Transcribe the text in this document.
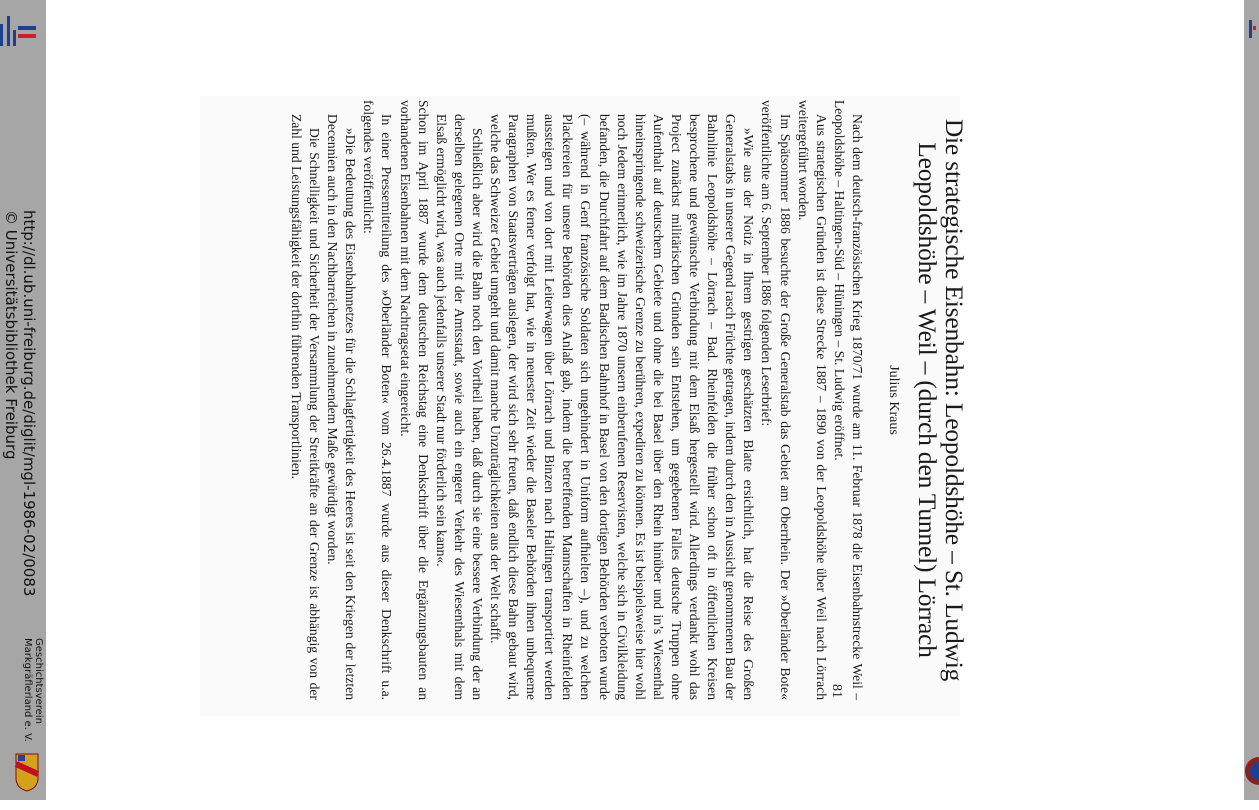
http://dl.ub.uni-freiburg.de/diglit/mgl-1986-02/0083
© Universitätsbibliothek Freiburg
Geschichtsverein
Markgräflerland e. V.
Die strategische Eisenbahn: Leopoldshöhe – St. Ludwig Leopoldshöhe – Weil – (durch den Tunnel) Lörrach
Julius Kraus

Nach dem deutsch-französischen Krieg 1870/71 wurde am 11. Februar 1878 die Eisenbahnstrecke Weil – Leopoldshöhe – Haltingen-Süd – Hüningen – St. Ludwig eröffnet.

Aus strategischen Gründen ist diese Strecke 1887 – 1890 von der Leopoldshöhe über Weil nach Lörrach weitergeführt worden.

Im Spätsommer 1886 besuchte der Große Generalstab das Gebiet am Oberrhein. Der »Oberländer Bote« veröffentlichte am 6. September 1886 folgenden Leserbrief:

»Wie aus der Notiz in Ihrem gestrigen geschätzten Blatte ersichtlich, hat die Reise des Großen Generalstabs in unserer Gegend rasch Früchte getragen, indem durch den in Aussicht genommenen Bau der Bahnlinie Leopoldshöhe – Lörrach – Bad. Rheinfelden die früher schon oft in öffentlichen Kreisen besprochene und gewünschte Verbindung mit dem Elsaß hergestellt wird. Allerdings verdankt wohl das Project zunächst militärischen Gründen sein Entstehen, um gegebenen Falles deutsche Truppen ohne Aufenthalt auf deutschem Gebiete und ohne die bei Basel über den Rhein hinüber und in’s Wiesenthal hineinspringende schweizerische Grenze zu berühren, expediren zu können. Es ist beispielsweise hier wohl noch Jedem erinnerlich, wie im Jahre 1870 unsern einberufenen Reservisten, welche sich in Civilkleidung befanden, die Durchfahrt auf dem Badischen Bahnhof in Basel von den dortigen Behörden verboten wurde (– während in Genf französische Soldaten sich ungehindert in Uniform aufhielten –), und zu welchen Plackereien für unsere Behörden dies Anlaß gab, indem die betreffenden Mannschaften in Rheinfelden aussteigen und von dort mit Leiterwagen über Lörrach und Binzen nach Haltingen transportiert werden mußten. Wer es ferner verfolgt hat, wie in neuester Zeit wieder die Baseler Behörden ihnen unbequeme Paragraphen von Staatsverträgen auslegen, der wird sich sehr freuen, daß endlich diese Bahn gebaut wird, welche das Schweizer Gebiet umgeht und damit manche Unzuträglichkeiten aus der Welt schafft.

Schließlich aber wird die Bahn noch den Vortheil haben, daß durch sie eine bessere Verbindung der an derselben gelegenen Orte mit der Amtsstadt, sowie auch ein engerer Verkehr des Wiesenthals mit dem Elsaß ermöglicht wird, was auch jedenfalls unserer Stadt nur förderlich sein kann«.

Schon im April 1887 wurde dem deutschen Reichstag eine Denkschrift über die Ergänzungsbauten an vorhandenen Eisenbahnen mit dem Nachtragsetat eingereicht.

In einer Pressemitteilung des »Oberländer Boten« vom 26.4.1887 wurde aus dieser Denkschrift u.a. folgendes veröffentlicht:

»Die Bedeutung des Eisenbahnnetzes für die Schlagfertigkeit des Heeres ist seit den Kriegen der letzten Decennien auch in den Nachbarreichen in zunehmendem Maße gewürdigt worden.

Die Schnelligkeit und Sicherheit der Versammlung der Streitkräfte an der Grenze ist abhängig von der Zahl und Leistungsfähigkeit der dorthin führenden Transportlinien.

81
